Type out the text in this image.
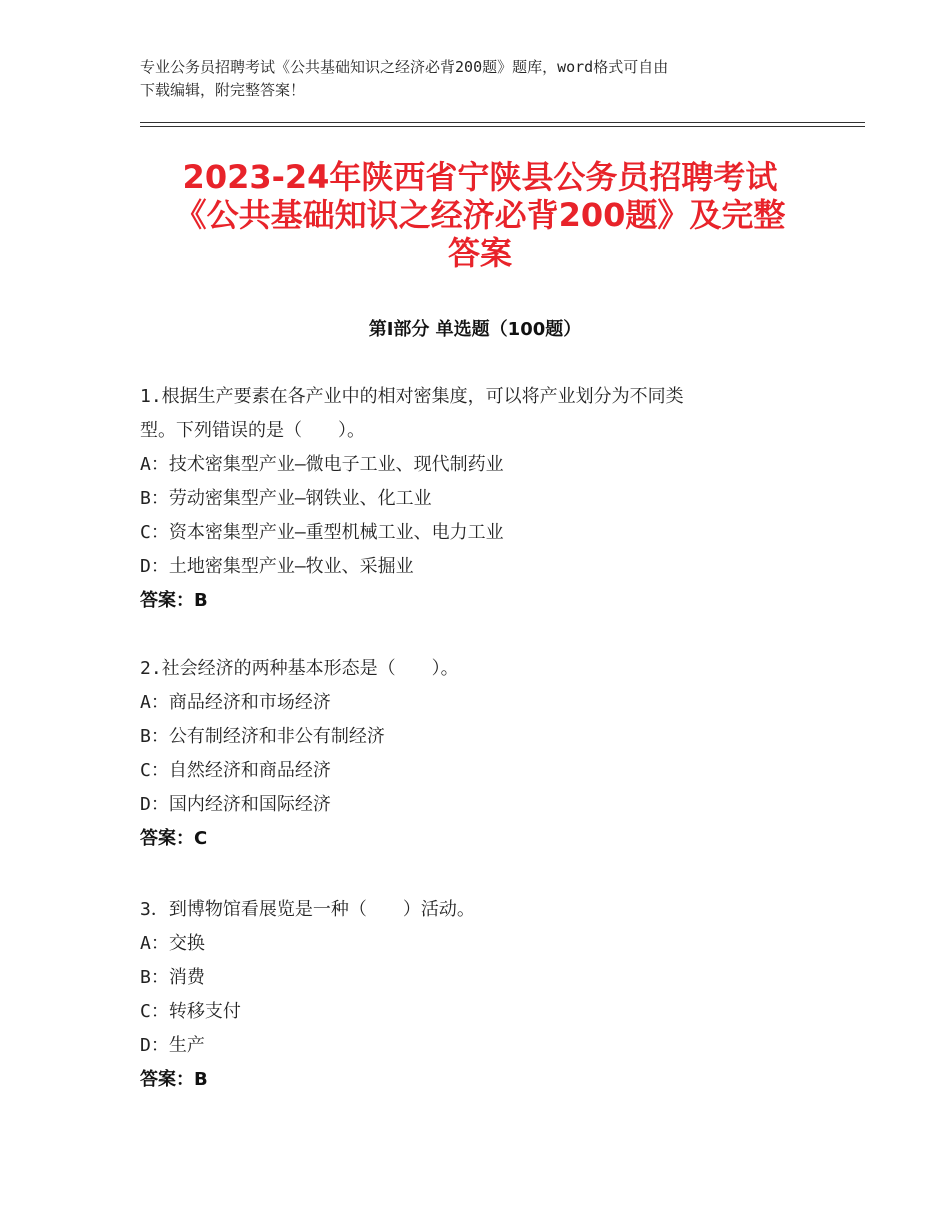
专业公务员招聘考试《公共基础知识之经济必背200题》题库，word格式可自由
下载编辑，附完整答案！
2023-24年陕西省宁陕县公务员招聘考试
《公共基础知识之经济必背200题》及完整
答案
第Ⅰ部分 单选题（100题）
1.根据生产要素在各产业中的相对密集度，可以将产业划分为不同类
型。下列错误的是（　　）。
A：技术密集型产业—微电子工业、现代制药业
B：劳动密集型产业—钢铁业、化工业
C：资本密集型产业—重型机械工业、电力工业
D：土地密集型产业—牧业、采掘业
答案：B
2.社会经济的两种基本形态是（　　）。
A：商品经济和市场经济
B：公有制经济和非公有制经济
C：自然经济和商品经济
D：国内经济和国际经济
答案：C
3．到博物馆看展览是一种（　　）活动。
A：交换
B：消费
C：转移支付
D：生产
答案：B
